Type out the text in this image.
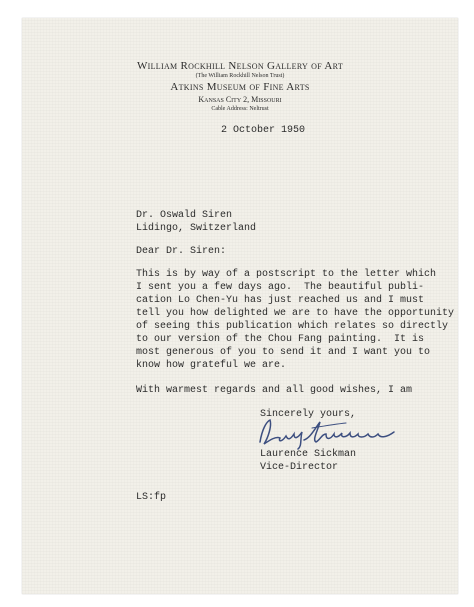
William Rockhill Nelson Gallery of Art
(The William Rockhill Nelson Trust)
Atkins Museum of Fine Arts
Kansas City 2, Missouri
Cable Address: Neltrust
2 October 1950
Dr. Oswald Siren
Lidingo, Switzerland
Dear Dr. Siren:
This is by way of a postscript to the letter which
I sent you a few days ago.  The beautiful publi-
cation Lo Chen-Yu has just reached us and I must
tell you how delighted we are to have the opportunity
of seeing this publication which relates so directly
to our version of the Chou Fang painting.  It is
most generous of you to send it and I want you to
know how grateful we are.
With warmest regards and all good wishes, I am
Sincerely yours,
Laurence Sickman
Vice-Director
LS:fp
